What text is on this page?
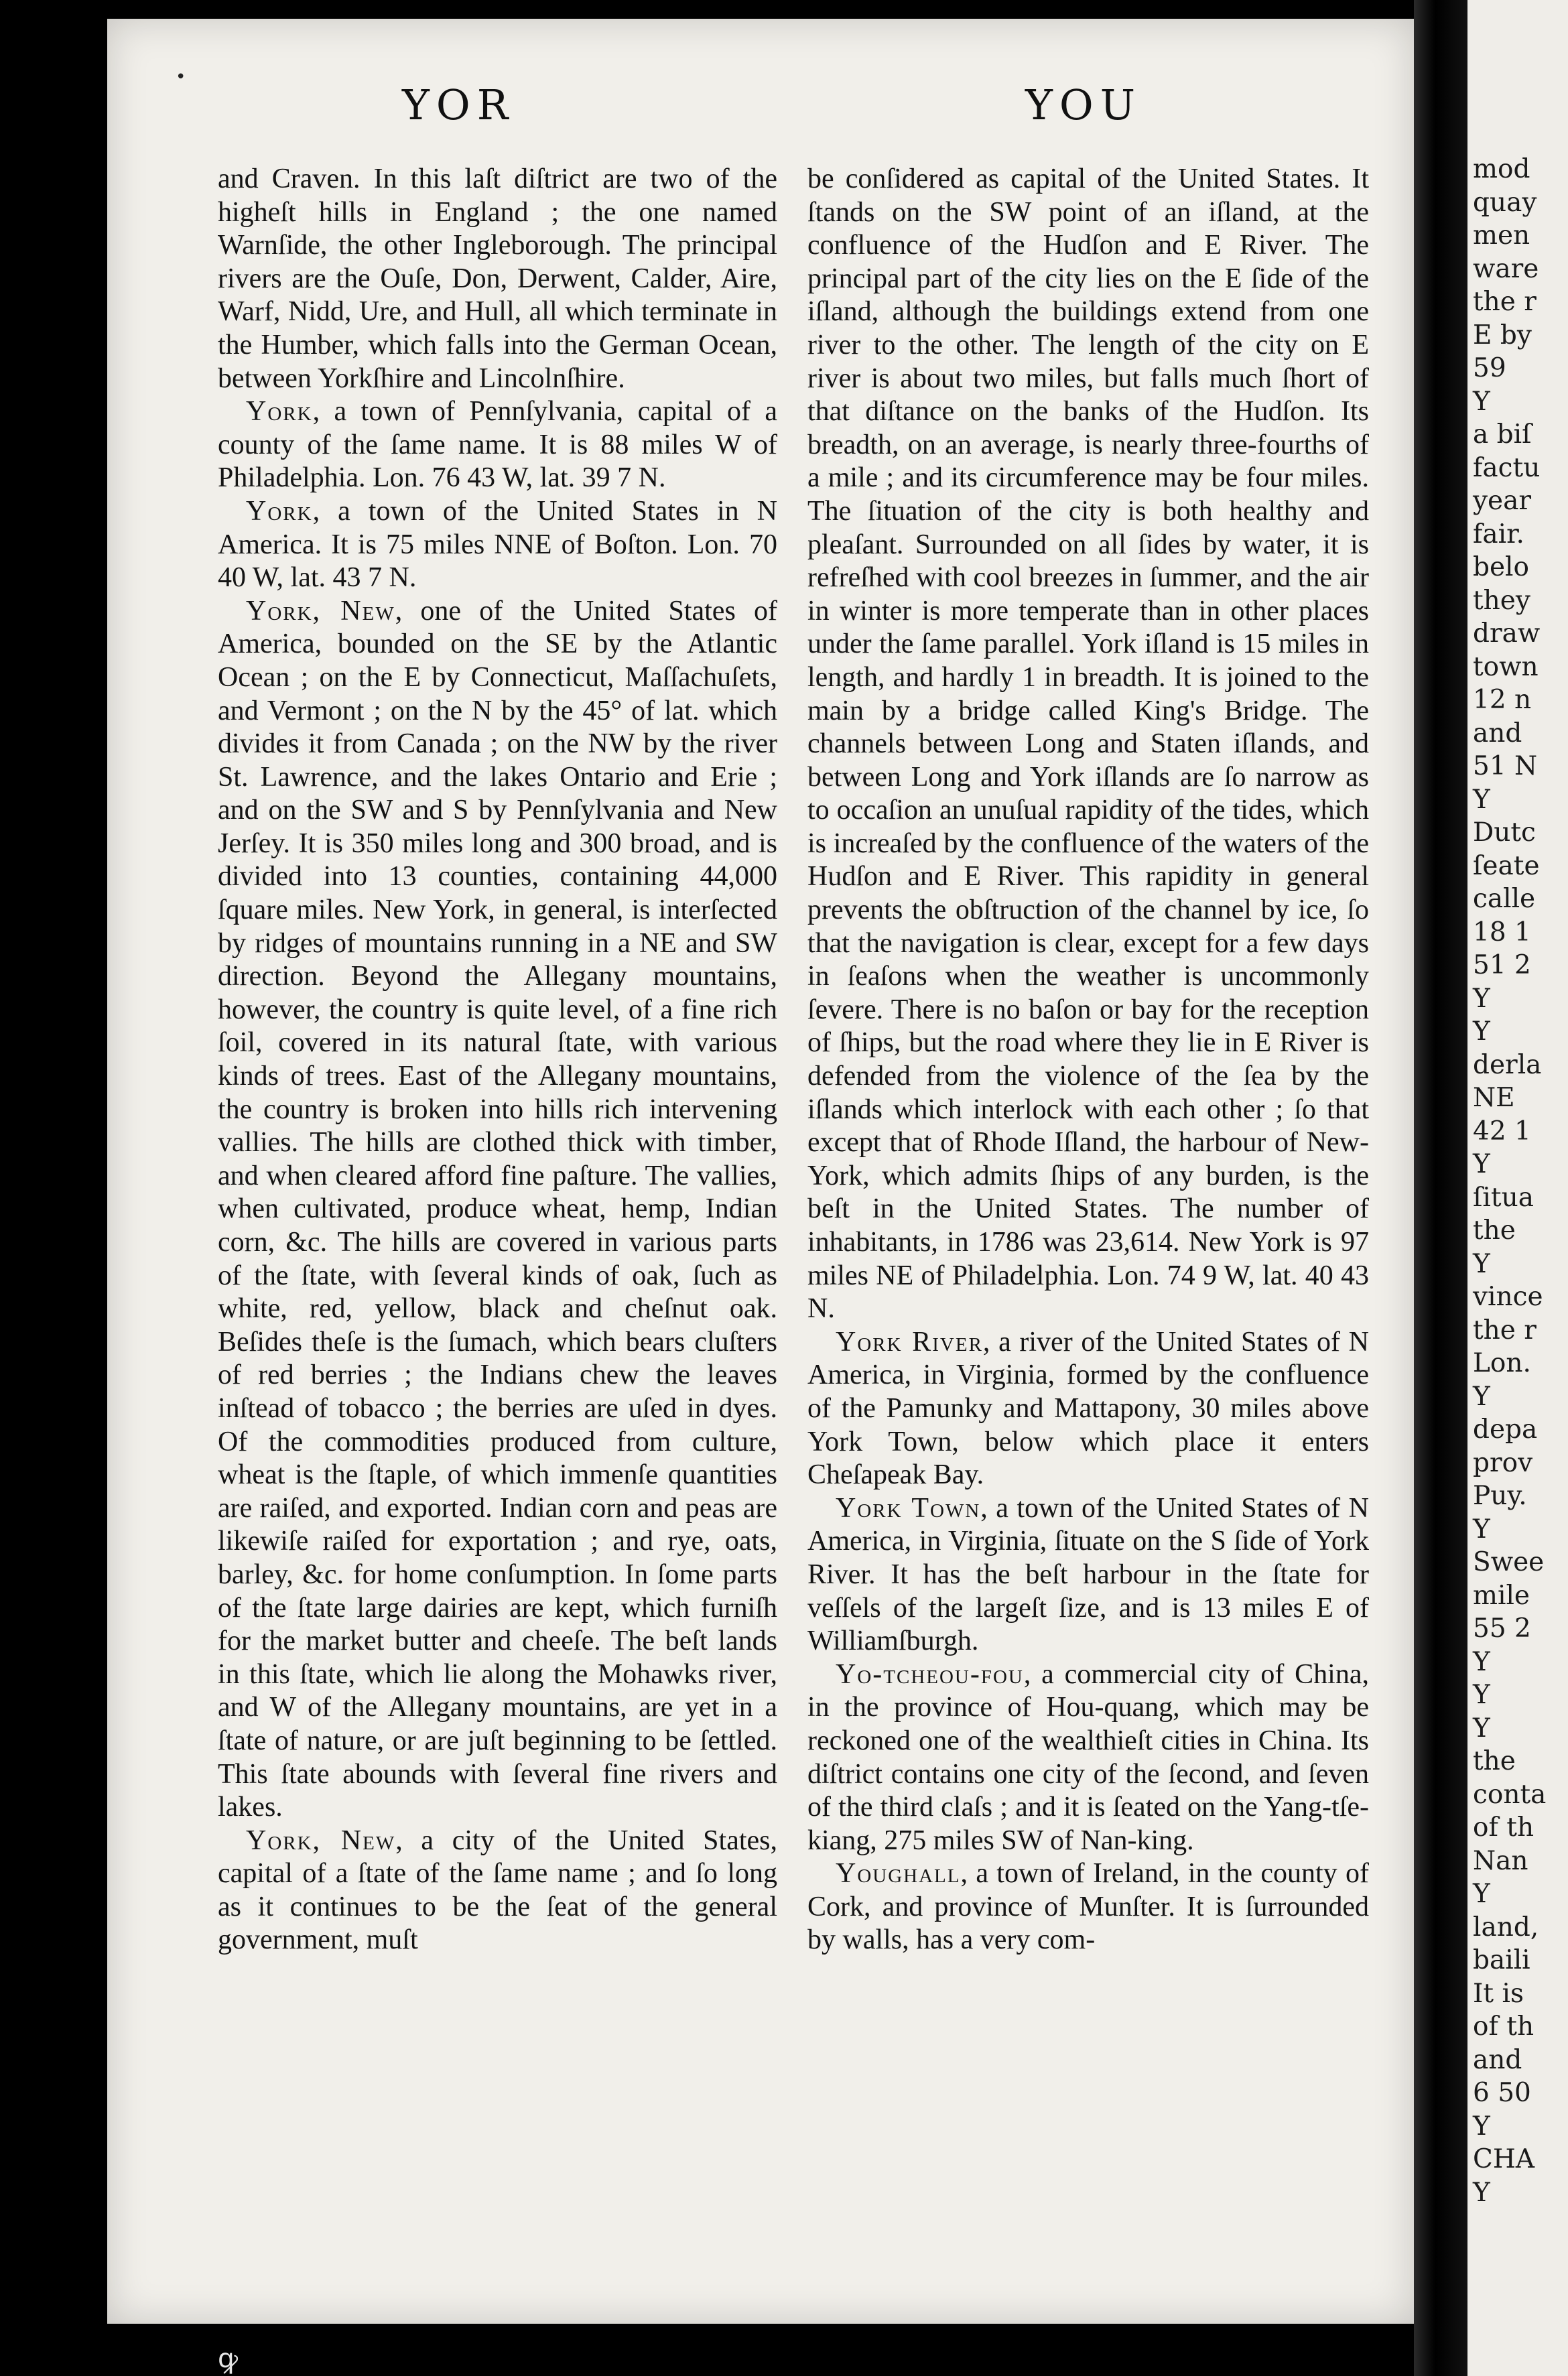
•
YOR	YOU

and Craven. In this laſt diſtrict are two of the higheſt hills in England ; the one named Warnſide, the other Ingleborough. The principal rivers are the Ouſe, Don, Derwent, Calder, Aire, Warf, Nidd, Ure, and Hull, all which terminate in the Humber, which falls into the German Ocean, between Yorkſhire and Lincolnſhire.

York, a town of Pennſylvania, capital of a county of the ſame name. It is 88 miles W of Philadelphia. Lon. 76 43 W, lat. 39 7 N.

York, a town of the United States in N America. It is 75 miles NNE of Boſton. Lon. 70 40 W, lat. 43 7 N.

York, New, one of the United States of America, bounded on the SE by the Atlantic Ocean ; on the E by Connecticut, Maſſachuſets, and Vermont ; on the N by the 45° of lat. which divides it from Canada ; on the NW by the river St. Lawrence, and the lakes Ontario and Erie ; and on the SW and S by Pennſylvania and New Jerſey. It is 350 miles long and 300 broad, and is divided into 13 counties, containing 44,000 ſquare miles. New York, in general, is interſected by ridges of mountains running in a NE and SW direction. Beyond the Allegany mountains, however, the country is quite level, of a fine rich ſoil, covered in its natural ſtate, with various kinds of trees. East of the Allegany mountains, the country is broken into hills rich intervening vallies. The hills are clothed thick with timber, and when cleared afford fine paſture. The vallies, when cultivated, produce wheat, hemp, Indian corn, &c. The hills are covered in various parts of the ſtate, with ſeveral kinds of oak, ſuch as white, red, yellow, black and cheſnut oak. Beſides theſe is the ſumach, which bears cluſters of red berries ; the Indians chew the leaves inſtead of tobacco ; the berries are uſed in dyes. Of the commodities produced from culture, wheat is the ſtaple, of which immenſe quantities are raiſed, and exported. Indian corn and peas are likewiſe raiſed for exportation ; and rye, oats, barley, &c. for home conſumption. In ſome parts of the ſtate large dairies are kept, which furniſh for the market butter and cheeſe. The beſt lands in this ſtate, which lie along the Mohawks river, and W of the Allegany mountains, are yet in a ſtate of nature, or are juſt beginning to be ſettled. This ſtate abounds with ſeveral fine rivers and lakes.

York, New, a city of the United States, capital of a ſtate of the ſame name ; and ſo long as it continues to be the ſeat of the general government, muſt

be conſidered as capital of the United States. It ſtands on the SW point of an iſland, at the confluence of the Hudſon and E River. The principal part of the city lies on the E ſide of the iſland, although the buildings extend from one river to the other. The length of the city on E river is about two miles, but falls much ſhort of that diſtance on the banks of the Hudſon. Its breadth, on an average, is nearly three-fourths of a mile ; and its circumference may be four miles. The ſituation of the city is both healthy and pleaſant. Surrounded on all ſides by water, it is refreſhed with cool breezes in ſummer, and the air in winter is more temperate than in other places under the ſame parallel. York iſland is 15 miles in length, and hardly 1 in breadth. It is joined to the main by a bridge called King's Bridge. The channels between Long and Staten iſlands, and between Long and York iſlands are ſo narrow as to occaſion an unuſual rapidity of the tides, which is increaſed by the confluence of the waters of the Hudſon and E River. This rapidity in general prevents the obſtruction of the channel by ice, ſo that the navigation is clear, except for a few days in ſeaſons when the weather is uncommonly ſevere. There is no baſon or bay for the reception of ſhips, but the road where they lie in E River is defended from the violence of the ſea by the iſlands which interlock with each other ; ſo that except that of Rhode Iſland, the harbour of New-York, which admits ſhips of any burden, is the beſt in the United States. The number of inhabitants, in 1786 was 23,614. New York is 97 miles NE of Philadelphia. Lon. 74 9 W, lat. 40 43 N.

York River, a river of the United States of N America, in Virginia, formed by the confluence of the Pamunky and Mattapony, 30 miles above York Town, below which place it enters Cheſapeak Bay.

York Town, a town of the United States of N America, in Virginia, ſituate on the S ſide of York River. It has the beſt harbour in the ſtate for veſſels of the largeſt ſize, and is 13 miles E of Williamſburgh.

Yo-tcheou-fou, a commercial city of China, in the province of Hou-quang, which may be reckoned one of the wealthieſt cities in China. Its diſtrict contains one city of the ſecond, and ſeven of the third claſs ; and it is ſeated on the Yang-tſe-kiang, 275 miles SW of Nan-king.

Youghall, a town of Ireland, in the county of Cork, and province of Munſter. It is ſurrounded by walls, has a very com-

mod
quay
men
ware
the r
E by
59
Y
a biſ
factu
year
fair.
belo
they
draw
town
12 n
and
51 N
Y
Dutc
ſeate
calle
18 1
51 2
Y
Y
derla
NE
42 1
Y
ſitua
the
Y
vince
the r
Lon.
Y
depa
prov
Puy.
Y
Swee
mile
55 2
Y
Y
Y
the
conta
of th
Nan
Y
land,
baili
It is
of th
and
6 50
Y
CHA
Y
ꝙ
